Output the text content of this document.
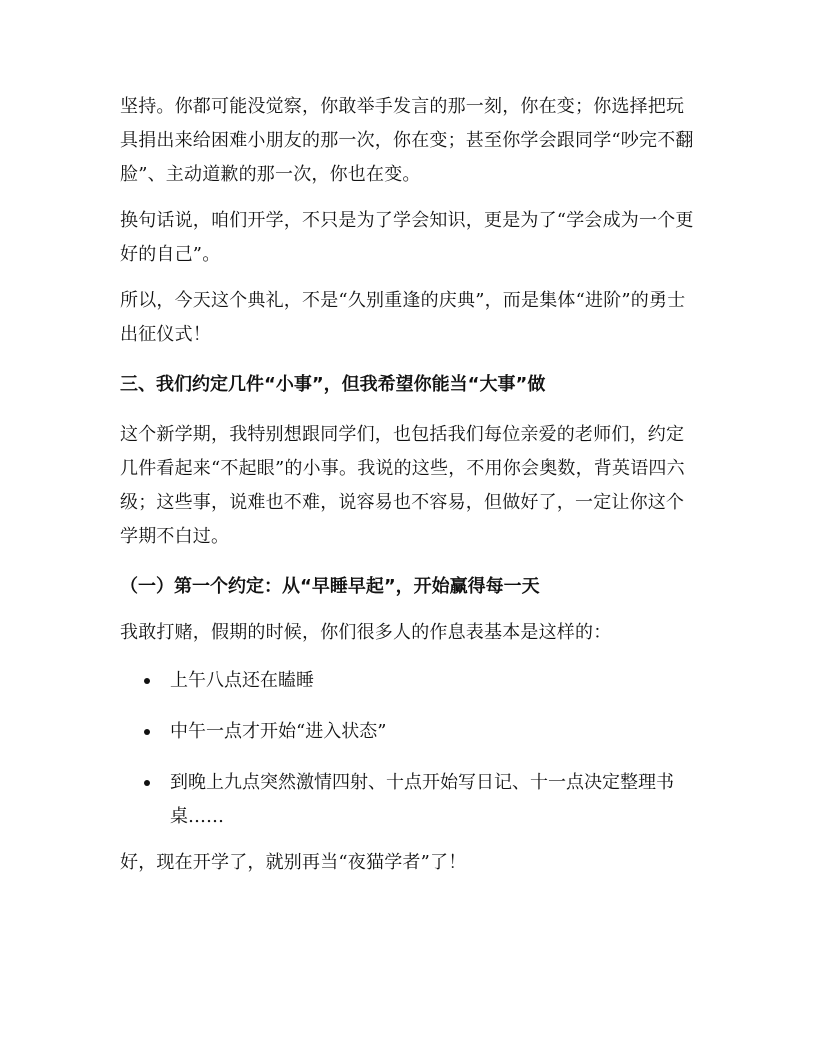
坚持。你都可能没觉察，你敢举手发言的那一刻，你在变；你选择把玩具捐出来给困难小朋友的那一次，你在变；甚至你学会跟同学“吵完不翻脸”、主动道歉的那一次，你也在变。

换句话说，咱们开学，不只是为了学会知识，更是为了“学会成为一个更好的自己”。

所以，今天这个典礼，不是“久别重逢的庆典”，而是集体“进阶”的勇士出征仪式！

三、我们约定几件“小事”，但我希望你能当“大事”做

这个新学期，我特别想跟同学们，也包括我们每位亲爱的老师们，约定几件看起来“不起眼”的小事。我说的这些，不用你会奥数，背英语四六级；这些事，说难也不难，说容易也不容易，但做好了，一定让你这个学期不白过。

（一）第一个约定：从“早睡早起”，开始赢得每一天

我敢打赌，假期的时候，你们很多人的作息表基本是这样的：

上午八点还在瞌睡
中午一点才开始“进入状态”
到晚上九点突然激情四射、十点开始写日记、十一点决定整理书桌……

好，现在开学了，就别再当“夜猫学者”了！
